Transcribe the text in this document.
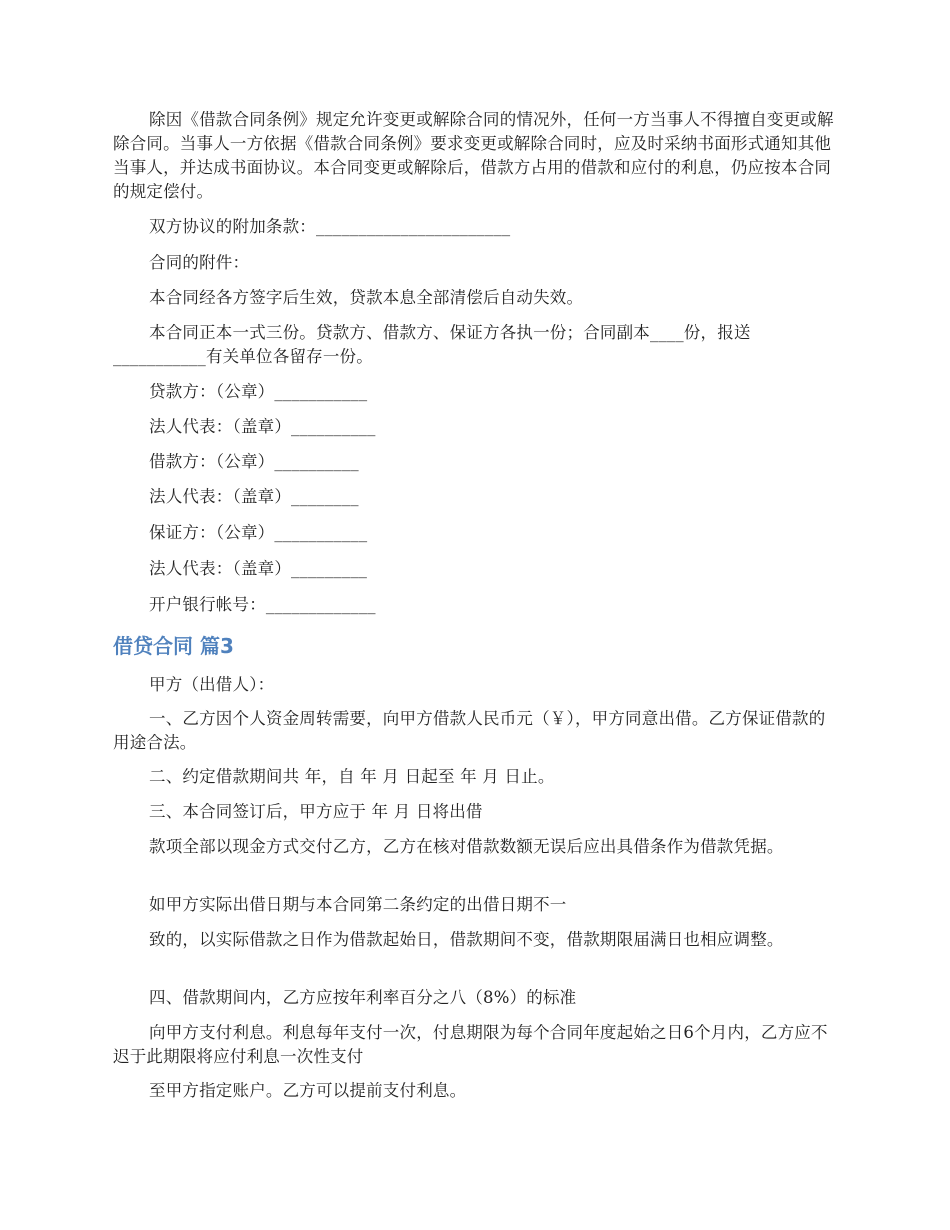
除因《借款合同条例》规定允许变更或解除合同的情况外，任何一方当事人不得擅自变更或解除合同。当事人一方依据《借款合同条例》要求变更或解除合同时，应及时采纳书面形式通知其他当事人，并达成书面协议。本合同变更或解除后，借款方占用的借款和应付的利息，仍应按本合同的规定偿付。

双方协议的附加条款：_______________________

合同的附件：

本合同经各方签字后生效，贷款本息全部清偿后自动失效。

本合同正本一式三份。贷款方、借款方、保证方各执一份；合同副本____份，报送

___________有关单位各留存一份。

贷款方：（公章）___________

法人代表：（盖章）__________

借款方：（公章）__________

法人代表：（盖章）________

保证方：（公章）___________

法人代表：（盖章）_________

开户银行帐号：_____________

借贷合同 篇3

甲方（出借人）：

一、乙方因个人资金周转需要，向甲方借款人民币元（￥），甲方同意出借。乙方保证借款的用途合法。

二、约定借款期间共 年，自 年 月 日起至 年 月 日止。

三、本合同签订后，甲方应于 年 月 日将出借

款项全部以现金方式交付乙方，乙方在核对借款数额无误后应出具借条作为借款凭据。

如甲方实际出借日期与本合同第二条约定的出借日期不一

致的，以实际借款之日作为借款起始日，借款期间不变，借款期限届满日也相应调整。

四、借款期间内，乙方应按年利率百分之八（8%）的标准

向甲方支付利息。利息每年支付一次，付息期限为每个合同年度起始之日6个月内，乙方应不迟于此期限将应付利息一次性支付

至甲方指定账户。乙方可以提前支付利息。
